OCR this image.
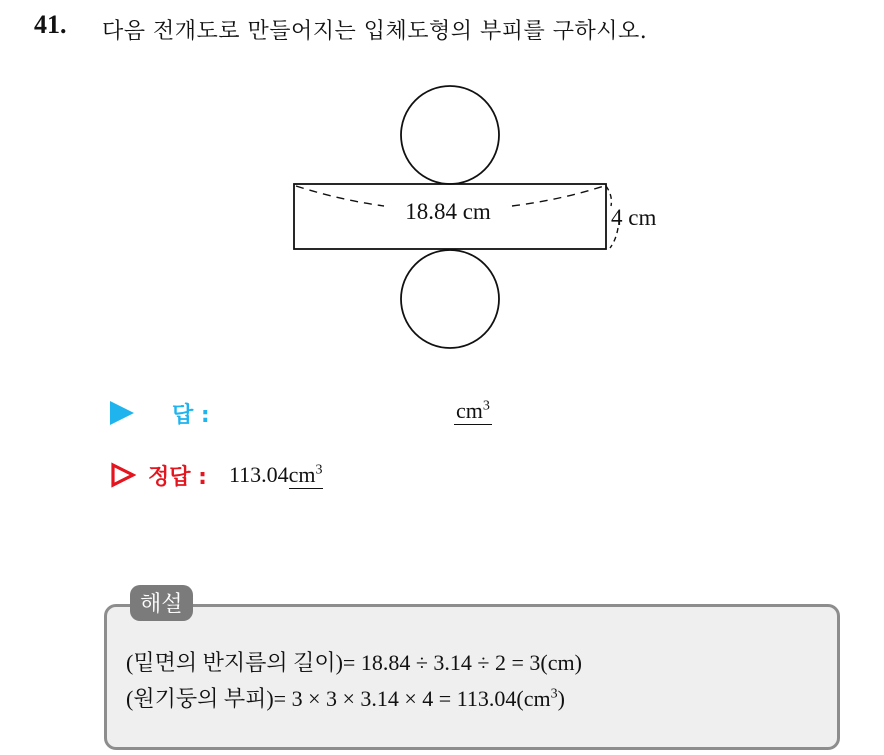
41. 다음 전개도로 만들어지는 입체도형의 부피를 구하시오.
18.84 cm	4 cm
답 :	$cm^3$
정답 : 113.04 $cm^3$
해설
(밑면의 반지름의 길이)= 18.84 ÷ 3.14 ÷ 2 = 3(cm)
(원기둥의 부피)= $3 \times 3 \times 3.14 \times 4 = 113.04(cm^3)$
